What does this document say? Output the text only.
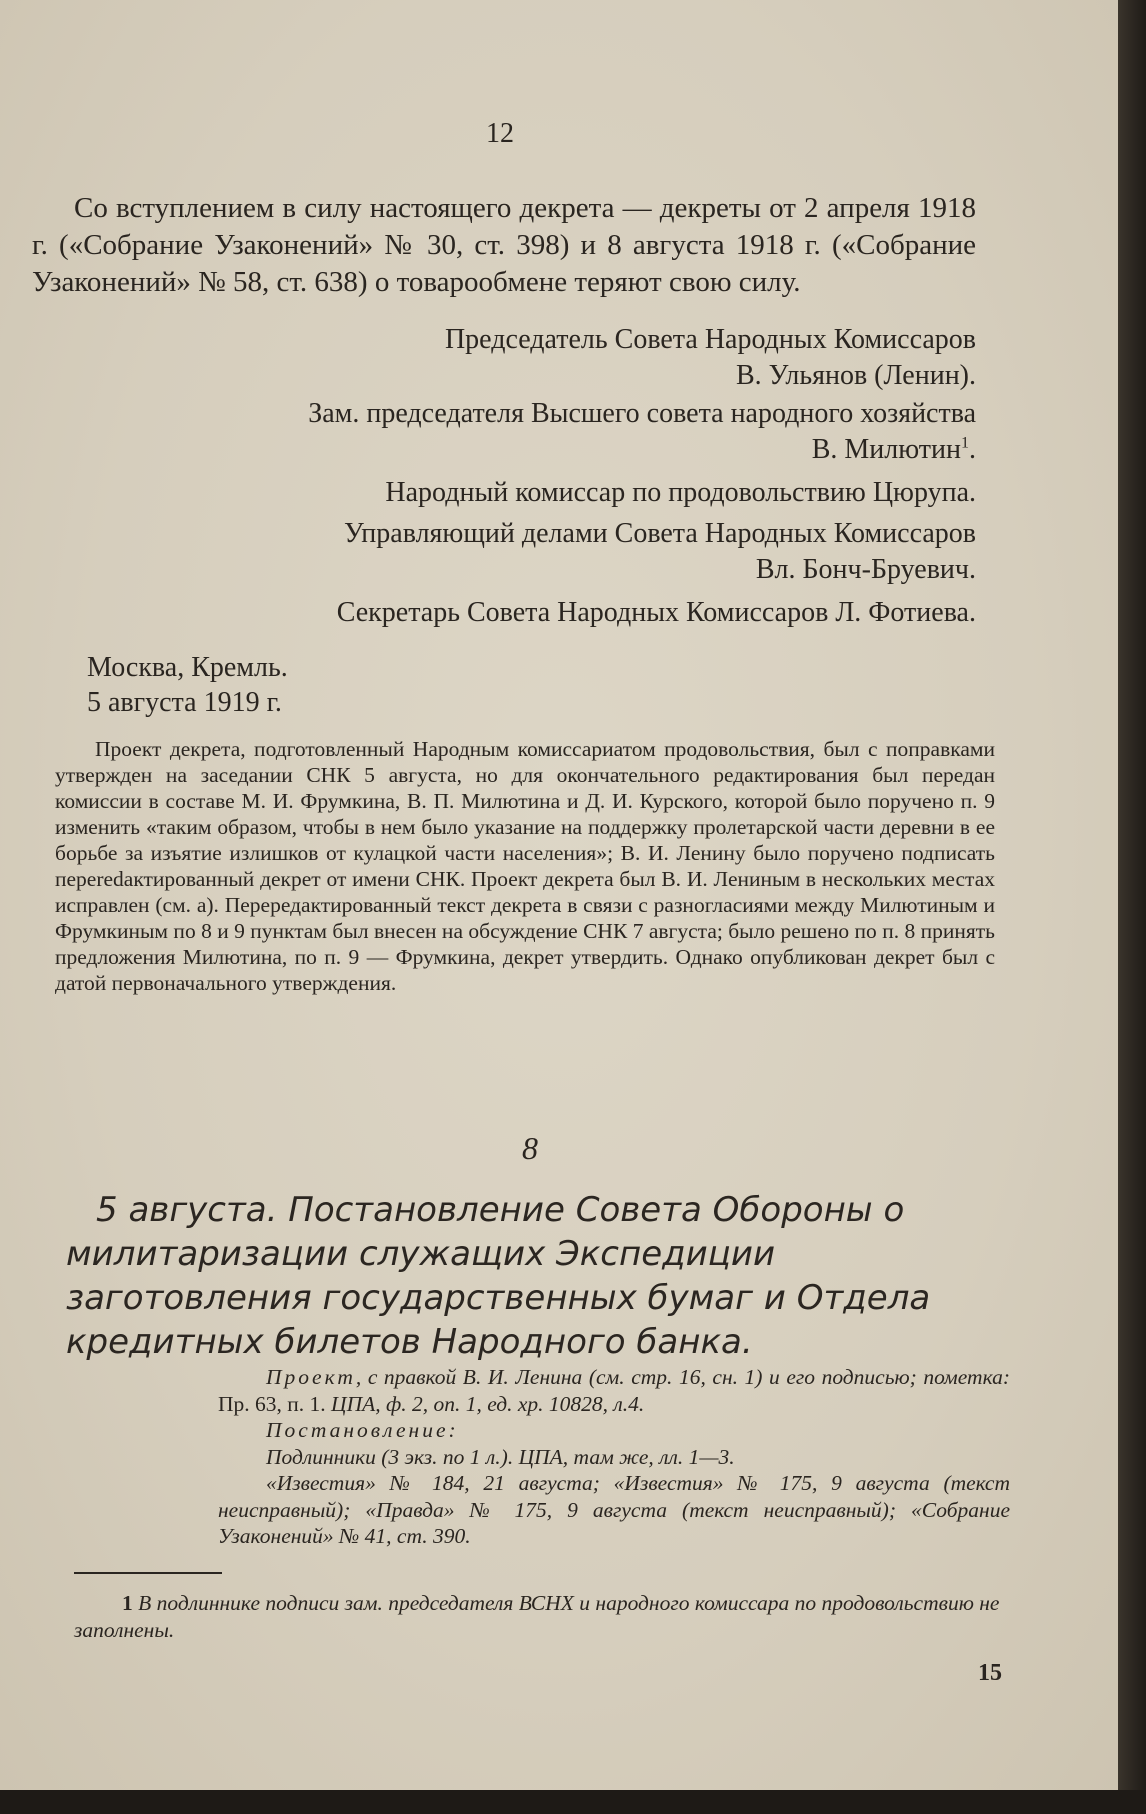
12

Со вступлением в силу настоящего декрета — декреты от 2 апреля 1918 г. («Собрание Узаконений» № 30, ст. 398) и 8 августа 1918 г. («Собрание Узаконений» № 58, ст. 638) о товарообмене теряют свою силу.

Председатель Совета Народных Комиссаров
В. Ульянов (Ленин).
Зам. председателя Высшего совета народного хозяйства
В. Милютин$^1$.
Народный комиссар по продовольствию Цюрупа.
Управляющий делами Совета Народных Комиссаров
Вл. Бонч-Бруевич.
Секретарь Совета Народных Комиссаров Л. Фотиева.
Москва, Кремль.
5 августа 1919 г.

Проект декрета, подготовленный Народным комиссариатом продовольствия, был с поправками утвержден на заседании СНК 5 августа, но для окончательного редактирования был передан комиссии в составе М. И. Фрумкина, В. П. Милютина и Д. И. Курского, которой было поручено п. 9 изменить «таким образом, чтобы в нем было указание на поддержку пролетарской части деревни в ее борьбе за изъятие излишков от кулацкой части населения»; В. И. Ленину было поручено подписать переredактированный декрет от имени СНК. Проект декрета был В. И. Лениным в нескольких местах исправлен (см. а). Перередактированный текст декрета в связи с разногласиями между Милютиным и Фрумкиным по 8 и 9 пунктам был внесен на обсуждение СНК 7 августа; было решено по п. 8 принять предложения Милютина, по п. 9 — Фрумкина, декрет утвердить. Однако опубликован декрет был с датой первоначального утверждения.

8

5 августа. Постановление Совета Обороны о милитаризации служащих Экспедиции заготовления государственных бумаг и Отдела кредитных билетов Народного банка.

Проект, с правкой В. И. Ленина (см. стр. 16, сн. 1) и его подписью; пометка: Пр. 63, п. 1. ЦПА, ф. 2, оп. 1, ед. хр. 10828, л.4.

Постановление:

Подлинники (3 экз. по 1 л.). ЦПА, там же, лл. 1—3.

«Известия» № 184, 21 августа; «Известия» № 175, 9 августа (текст неисправный); «Правда» № 175, 9 августа (текст неисправный); «Собрание Узаконений» № 41, ст. 390.

1 В подлиннике подписи зам. председателя ВСНХ и народного комиссара по продовольствию не заполнены.

15
